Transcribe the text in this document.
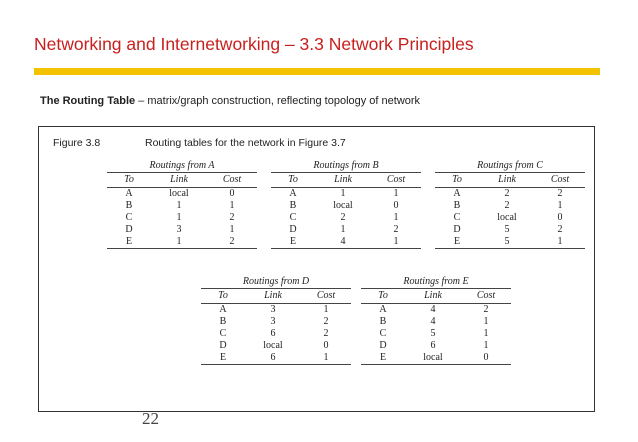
Networking and Internetworking – 3.3 Network Principles
The Routing Table – matrix/graph construction, reflecting topology of network
Figure 3.8	Routing tables for the network in Figure 3.7
Routings from A
To	Link	Cost
A	local	0
B	1	1
C	1	2
D	3	1
E	1	2
Routings from B
To	Link	Cost
A	1	1
B	local	0
C	2	1
D	1	2
E	4	1
Routings from C
To	Link	Cost
A	2	2
B	2	1
C	local	0
D	5	2
E	5	1
Routings from D
To	Link	Cost
A	3	1
B	3	2
C	6	2
D	local	0
E	6	1
Routings from E
To	Link	Cost
A	4	2
B	4	1
C	5	1
D	6	1
E	local	0
22
